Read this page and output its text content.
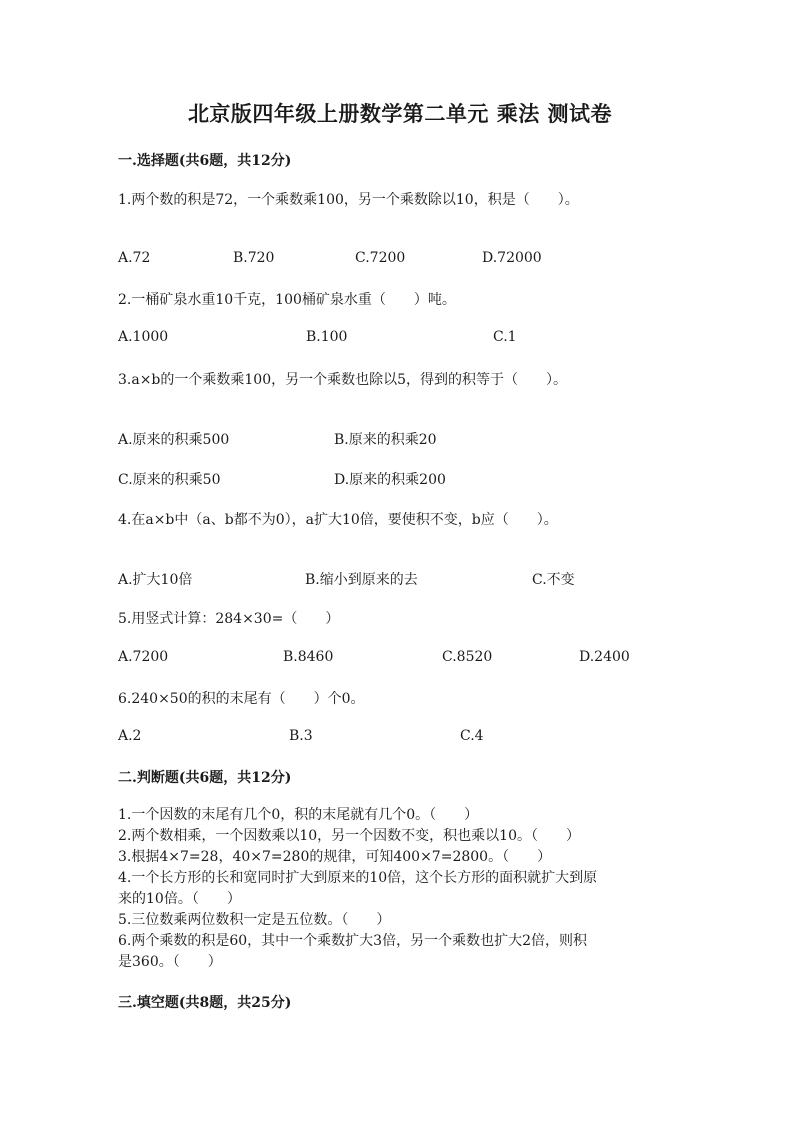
北京版四年级上册数学第二单元 乘法 测试卷
一.选择题(共6题，共12分)
1.两个数的积是72，一个乘数乘100，另一个乘数除以10，积是（　　）。
A.72	B.720	C.7200	D.72000
2.一桶矿泉水重10千克，100桶矿泉水重（　　）吨。
A.1000	B.100	C.1
3.a×b的一个乘数乘100，另一个乘数也除以5，得到的积等于（　　）。
A.原来的积乘500	B.原来的积乘20
C.原来的积乘50	D.原来的积乘200
4.在a×b中（a、b都不为0），a扩大10倍，要使积不变，b应（　　）。
A.扩大10倍	B.缩小到原来的去	C.不变
5.用竖式计算：284×30=（　　）
A.7200	B.8460	C.8520	D.2400
6.240×50的积的末尾有（　　）个0。
A.2	B.3	C.4
二.判断题(共6题，共12分)
1.一个因数的末尾有几个0，积的末尾就有几个0。（　　）
2.两个数相乘，一个因数乘以10，另一个因数不变，积也乘以10。（　　）
3.根据4×7=28，40×7=280的规律，可知400×7=2800。（　　）
4.一个长方形的长和宽同时扩大到原来的10倍，这个长方形的面积就扩大到原
来的10倍。（　　）
5.三位数乘两位数积一定是五位数。（　　）
6.两个乘数的积是60，其中一个乘数扩大3倍，另一个乘数也扩大2倍，则积
是360。（　　）
三.填空题(共8题，共25分)
